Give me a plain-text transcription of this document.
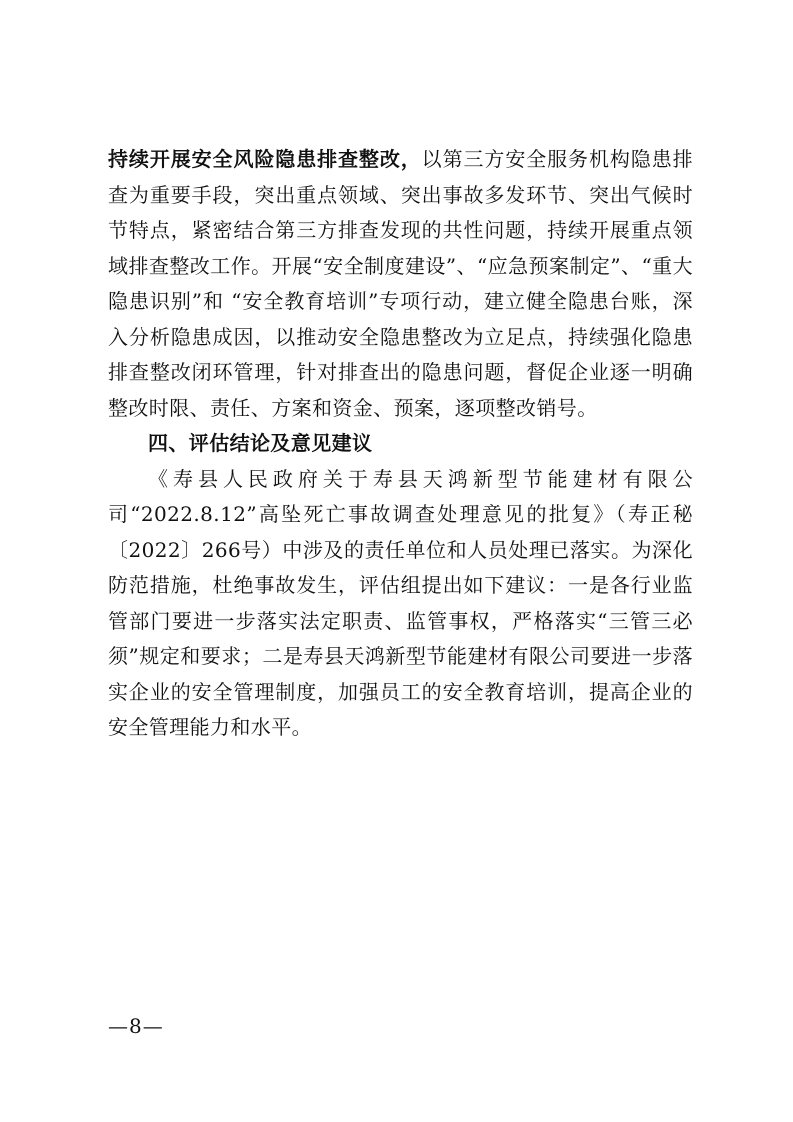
持续开展安全风险隐患排查整改，以第三方安全服务机构隐患排查为重要手段，突出重点领域、突出事故多发环节、突出气候时节特点，紧密结合第三方排查发现的共性问题，持续开展重点领域排查整改工作。开展“安全制度建设”、“应急预案制定”、“重大隐患识别”和 “安全教育培训”专项行动，建立健全隐患台账，深入分析隐患成因，以推动安全隐患整改为立足点，持续强化隐患排查整改闭环管理，针对排查出的隐患问题，督促企业逐一明确整改时限、责任、方案和资金、预案，逐项整改销号。

四、评估结论及意见建议

《寿县人民政府关于寿县天鸿新型节能建材有限公司“2022.8.12”高坠死亡事故调查处理意见的批复》（寿正秘〔2022〕266号）中涉及的责任单位和人员处理已落实。为深化防范措施，杜绝事故发生，评估组提出如下建议：一是各行业监管部门要进一步落实法定职责、监管事权，严格落实“三管三必须”规定和要求；二是寿县天鸿新型节能建材有限公司要进一步落实企业的安全管理制度，加强员工的安全教育培训，提高企业的安全管理能力和水平。

—8—
